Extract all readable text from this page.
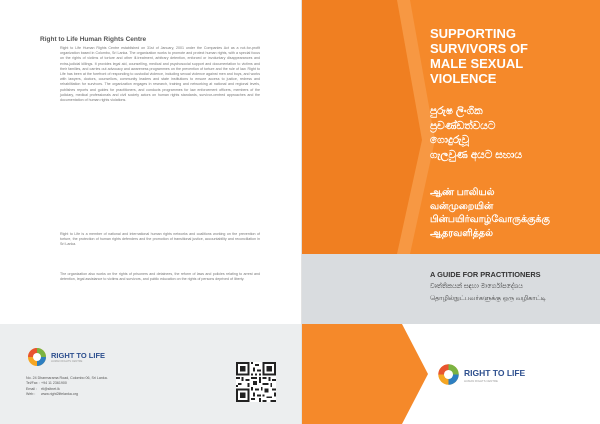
Right to Life Human Rights Centre

Right to Life Human Rights Centre established on 31st of January, 2001 under the Companies Act as a not-for-profit organization based in Colombo, Sri Lanka. The organization works to promote and protect human rights, with a special focus on the rights of victims of torture and other ill-treatment, arbitrary detention, enforced or involuntary disappearances and extra-judicial killings. It provides legal aid, counselling, medical and psychosocial support and documentation to victims and their families, and carries out advocacy and awareness programmes on the prevention of torture and the rule of law. Right to Life has been at the forefront of responding to custodial violence, including sexual violence against men and boys, and works with lawyers, doctors, counsellors, community leaders and state institutions to ensure access to justice, redress and rehabilitation for survivors. The organization engages in research, training and networking at national and regional levels, publishes reports and guides for practitioners, and conducts programmes for law enforcement officers, members of the judiciary, medical professionals and civil society actors on human rights standards, survivor-centred approaches and the documentation of human rights violations.

Right to Life is a member of national and international human rights networks and coalitions working on the prevention of torture, the protection of human rights defenders and the promotion of transitional justice, accountability and reconciliation in Sri Lanka.

The organization also works on the rights of prisoners and detainees, the reform of laws and policies relating to arrest and detention, legal assistance to victims and survivors, and public education on the rights of persons deprived of liberty.

RIGHT TO LIFE
HUMAN RIGHTS CENTRE
No. 24 Dharmarama Road, Colombo 06, Sri Lanka.
Tel/Fax : +94 11 2361900
Email : rtl@sltnet.lk
Web : www.right2lifelanka.org

SUPPORTING
SURVIVORS OF
MALE SEXUAL
VIOLENCE

පුරුෂ ලිංගික
ප්‍රචණ්ඩත්වයට
ගොදුරුවූ
ගැලවුණ අයට සහාය

ஆண் பாலியல்
வன்முறையின்
பின்பயிர்வாழ்வோருக்குக்கு
ஆதரவளித்தல்

A GUIDE FOR PRACTITIONERS
වෘත්තිකයන් සඳහා මාර්ගෝපදේශය
தொழில்நுட்பவர்களுக்கு ஒரு வழிகாட்டி
RIGHT TO LIFE
HUMAN RIGHTS CENTRE
